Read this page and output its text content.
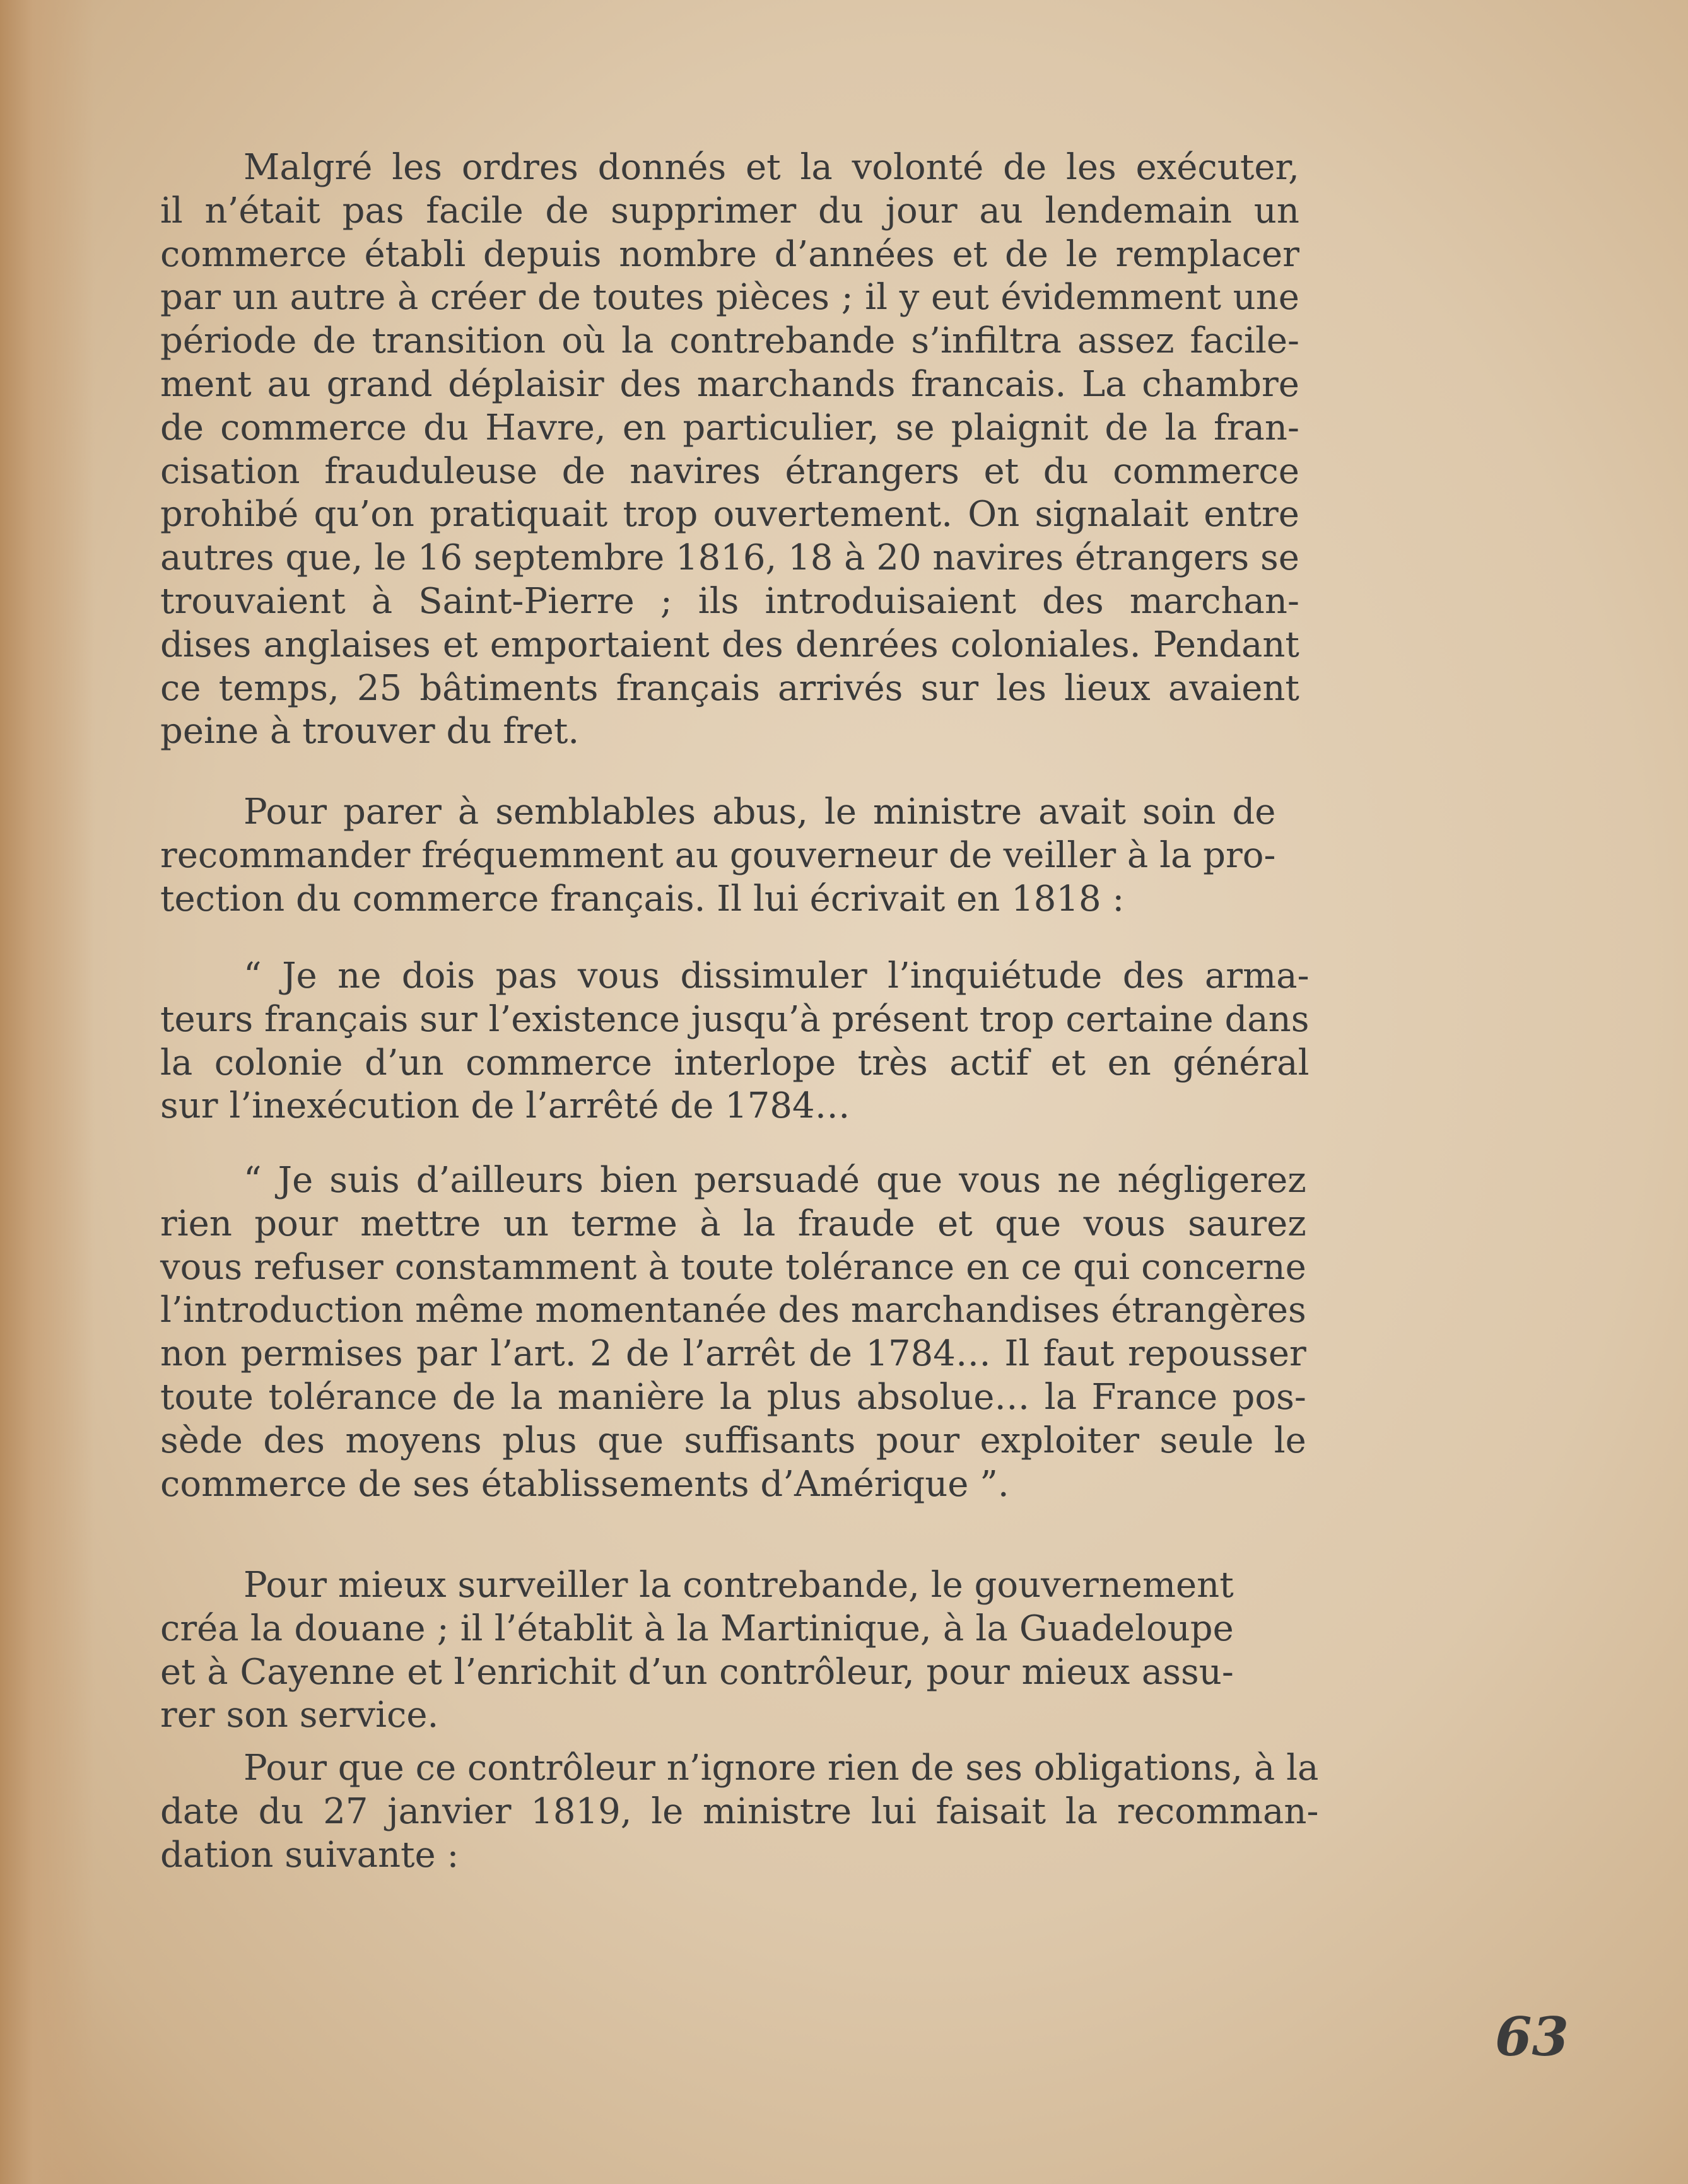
Malgré les ordres donnés et la volonté de les exécuter,
il n’était pas facile de supprimer du jour au lendemain un
commerce établi depuis nombre d’années et de le remplacer
par un autre à créer de toutes pièces ; il y eut évidemment une
période de transition où la contrebande s’infiltra assez facile-
ment au grand déplaisir des marchands francais. La chambre
de commerce du Havre, en particulier, se plaignit de la fran-
cisation frauduleuse de navires étrangers et du commerce
prohibé qu’on pratiquait trop ouvertement. On signalait entre
autres que, le 16 septembre 1816, 18 à 20 navires étrangers se
trouvaient à Saint-Pierre ; ils introduisaient des marchan-
dises anglaises et emportaient des denrées coloniales. Pendant
ce temps, 25 bâtiments français arrivés sur les lieux avaient
peine à trouver du fret.

Pour parer à semblables abus, le ministre avait soin de
recommander fréquemment au gouverneur de veiller à la pro-
tection du commerce français. Il lui écrivait en 1818 :

“ Je ne dois pas vous dissimuler l’inquiétude des arma-
teurs français sur l’existence jusqu’à présent trop certaine dans
la colonie d’un commerce interlope très actif et en général
sur l’inexécution de l’arrêté de 1784…

“ Je suis d’ailleurs bien persuadé que vous ne négligerez
rien pour mettre un terme à la fraude et que vous saurez
vous refuser constamment à toute tolérance en ce qui concerne
l’introduction même momentanée des marchandises étrangères
non permises par l’art. 2 de l’arrêt de 1784… Il faut repousser
toute tolérance de la manière la plus absolue… la France pos-
sède des moyens plus que suffisants pour exploiter seule le
commerce de ses établissements d’Amérique ”.

Pour mieux surveiller la contrebande, le gouvernement
créa la douane ; il l’établit à la Martinique, à la Guadeloupe
et à Cayenne et l’enrichit d’un contrôleur, pour mieux assu-
rer son service.

Pour que ce contrôleur n’ignore rien de ses obligations, à la
date du 27 janvier 1819, le ministre lui faisait la recomman-
dation suivante :

63
